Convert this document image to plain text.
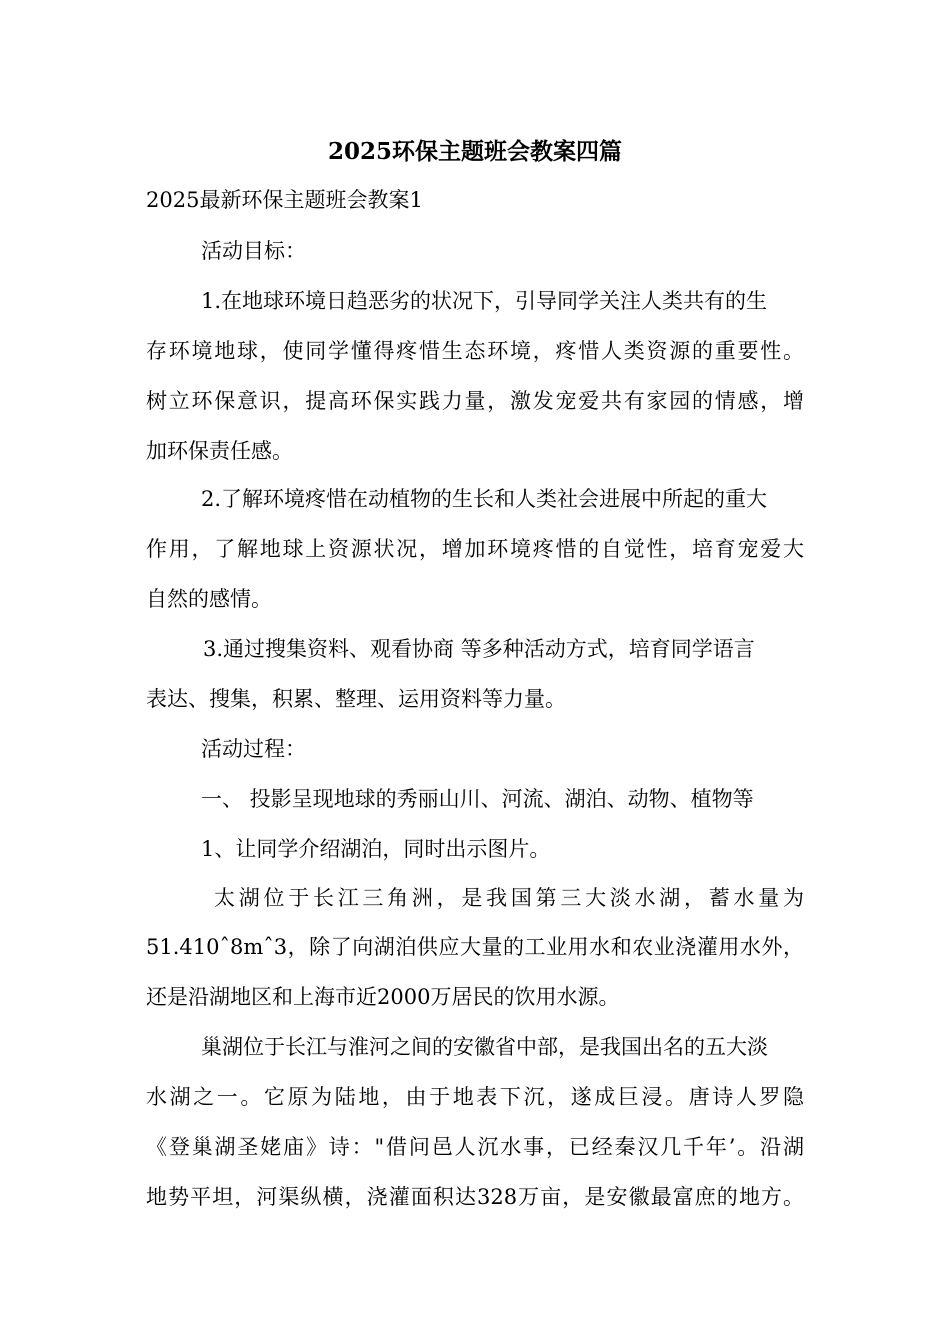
2025环保主题班会教案四篇
2025最新环保主题班会教案1
活动目标：
1.在地球环境日趋恶劣的状况下，引导同学关注人类共有的生
存环境地球，使同学懂得疼惜生态环境，疼惜人类资源的重要性。
树立环保意识，提高环保实践力量，激发宠爱共有家园的情感，增
加环保责任感。
2.了解环境疼惜在动植物的生长和人类社会进展中所起的重大
作用，了解地球上资源状况，增加环境疼惜的自觉性，培育宠爱大
自然的感情。
3.通过搜集资料、观看协商 等多种活动方式，培育同学语言
表达、搜集，积累、整理、运用资料等力量。
活动过程：
一、 投影呈现地球的秀丽山川、河流、湖泊、动物、植物等
1、让同学介绍湖泊，同时出示图片。
太湖位于长江三角洲，是我国第三大淡水湖，蓄水量为
51.410ˆ8mˆ3，除了向湖泊供应大量的工业用水和农业浇灌用水外，
还是沿湖地区和上海市近2000万居民的饮用水源。
巢湖位于长江与淮河之间的安徽省中部，是我国出名的五大淡
水湖之一。它原为陆地，由于地表下沉，遂成巨浸。唐诗人罗隐
《登巢湖圣姥庙》诗："借问邑人沉水事，已经秦汉几千年’。沿湖
地势平坦，河渠纵横，浇灌面积达328万亩，是安徽最富庶的地方。
